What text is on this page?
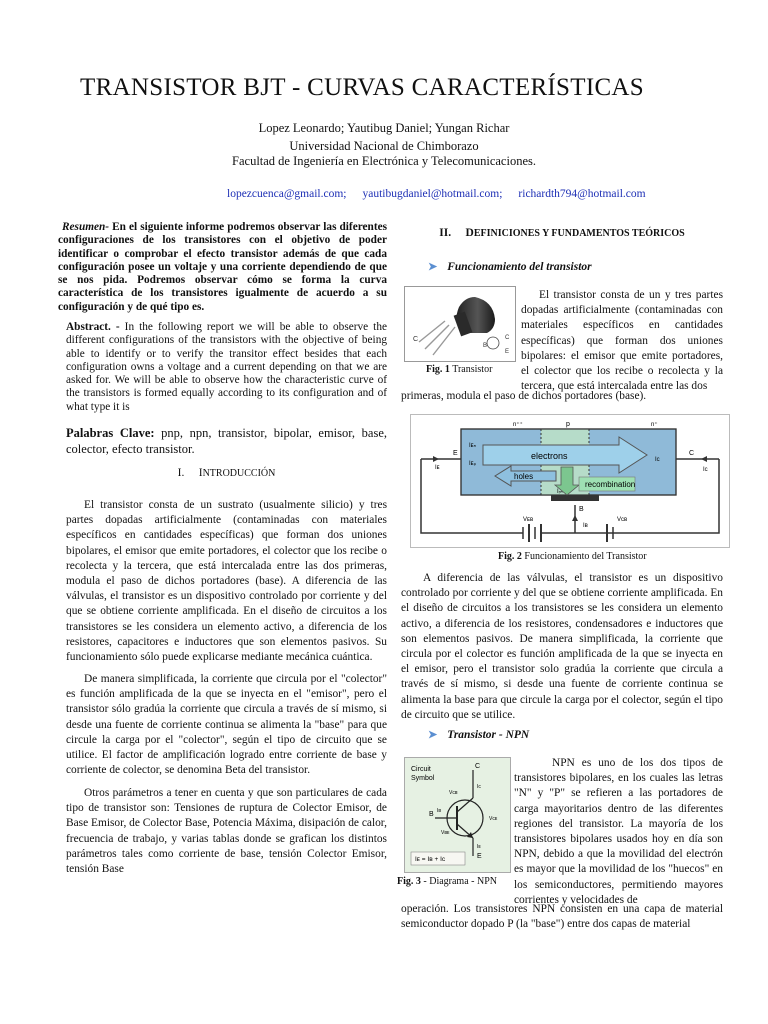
TRANSISTOR BJT - CURVAS CARACTERÍSTICAS
Lopez Leonardo; Yautibug Daniel; Yungan Richar
Universidad Nacional de Chimborazo
Facultad de Ingeniería en Electrónica y Telecomunicaciones.
lopezcuenca@gmail.com; yautibugdaniel@hotmail.com; richardth794@hotmail.com
Resumen- En el siguiente informe podremos observar las diferentes configuraciones de los transistores con el objetivo de poder identificar o comprobar el efecto transistor además de que cada configuración posee un voltaje y una corriente dependiendo de que se nos pida. Podremos observar cómo se forma la curva característica de los transistores igualmente de acuerdo a su configuración y de qué tipo es.
Abstract. - In the following report we will be able to observe the different configurations of the transistors with the objective of being able to identify or to verify the transitor effect besides that each configuration owns a voltage and a current depending on that we are asked for. We will be able to observe how the characteristic curve of the transistors is formed equally according to its configuration and of what type it is
Palabras Clave: pnp, npn, transistor, bipolar, emisor, base, colector, efecto transistor.
I. INTRODUCCIÓN
El transistor consta de un sustrato (usualmente silicio) y tres partes dopadas artificialmente (contaminadas con materiales específicos en cantidades específicas) que forman dos uniones bipolares, el emisor que emite portadores, el colector que los recibe o recolecta y la tercera, que está intercalada entre las dos primeras, modula el paso de dichos portadores (base). A diferencia de las válvulas, el transistor es un dispositivo controlado por corriente y del que se obtiene corriente amplificada. En el diseño de circuitos a los transistores se les considera un elemento activo, a diferencia de los resistores, capacitores e inductores que son elementos pasivos. Su funcionamiento sólo puede explicarse mediante mecánica cuántica.
De manera simplificada, la corriente que circula por el "colector" es función amplificada de la que se inyecta en el "emisor", pero el transistor sólo gradúa la corriente que circula a través de sí mismo, si desde una fuente de corriente continua se alimenta la "base" para que circule la carga por el "colector", según el tipo de circuito que se utilice. El factor de amplificación logrado entre corriente de base y corriente de colector, se denomina Beta del transistor.
Otros parámetros a tener en cuenta y que son particulares de cada tipo de transistor son: Tensiones de ruptura de Colector Emisor, de Base Emisor, de Colector Base, Potencia Máxima, disipación de calor, frecuencia de trabajo, y varias tablas donde se grafican los distintos parámetros tales como corriente de base, tensión Colector Emisor, tensión Base
II. DEFINICIONES Y FUNDAMENTOS TEÓRICOS
➤ Funcionamiento del transistor
C	C
B
E
Fig. 1 Transistor
El transistor consta de un y tres partes dopadas artificialmente (contaminadas con materiales específicos en cantidades específicas) que forman dos uniones bipolares: el emisor que emite portadores, el colector que los recibe o recolecta y la tercera, que está intercalada entre las dos
primeras, modula el paso de dichos portadores (base).
n⁺⁺	p	n⁺
electrons
holes
recombination
E	C
B
Iᴇ
Iᴄ
Iᴇₙ
Iᴇₚ
Iᵣₙ
Iʙ
Iᴄ
Vᴇʙ	Vᴄʙ
Fig. 2 Funcionamiento del Transistor
A diferencia de las válvulas, el transistor es un dispositivo controlado por corriente y del que se obtiene corriente amplificada. En el diseño de circuitos a los transistores se les considera un elemento activo, a diferencia de los resistores, condensadores e inductores que son elementos pasivos. De manera simplificada, la corriente que circula por el colector es función amplificada de la que se inyecta en el emisor, pero el transistor solo gradúa la corriente que circula a través de sí mismo, si desde una fuente de corriente continua se alimenta la base para que circule la carga por el colector, según el tipo de circuito que se utilice.
➤ Transistor - NPN
Circuit
Symbol
C
B
E
Vᴄʙ
Iᴄ
Vᴄᴇ
Iʙ
Vʙᴇ
Iᴇ
Iᴇ = Iʙ + Iᴄ
Fig. 3 - Diagrama - NPN
NPN es uno de los dos tipos de transistores bipolares, en los cuales las letras "N" y "P" se refieren a las portadores de carga mayoritarios dentro de las diferentes regiones del transistor. La mayoría de los transistores bipolares usados hoy en día son NPN, debido a que la movilidad del electrón es mayor que la movilidad de los "huecos" en los semiconductores, permitiendo mayores corrientes y velocidades de
operación. Los transistores NPN consisten en una capa de material semiconductor dopado P (la "base") entre dos capas de material
